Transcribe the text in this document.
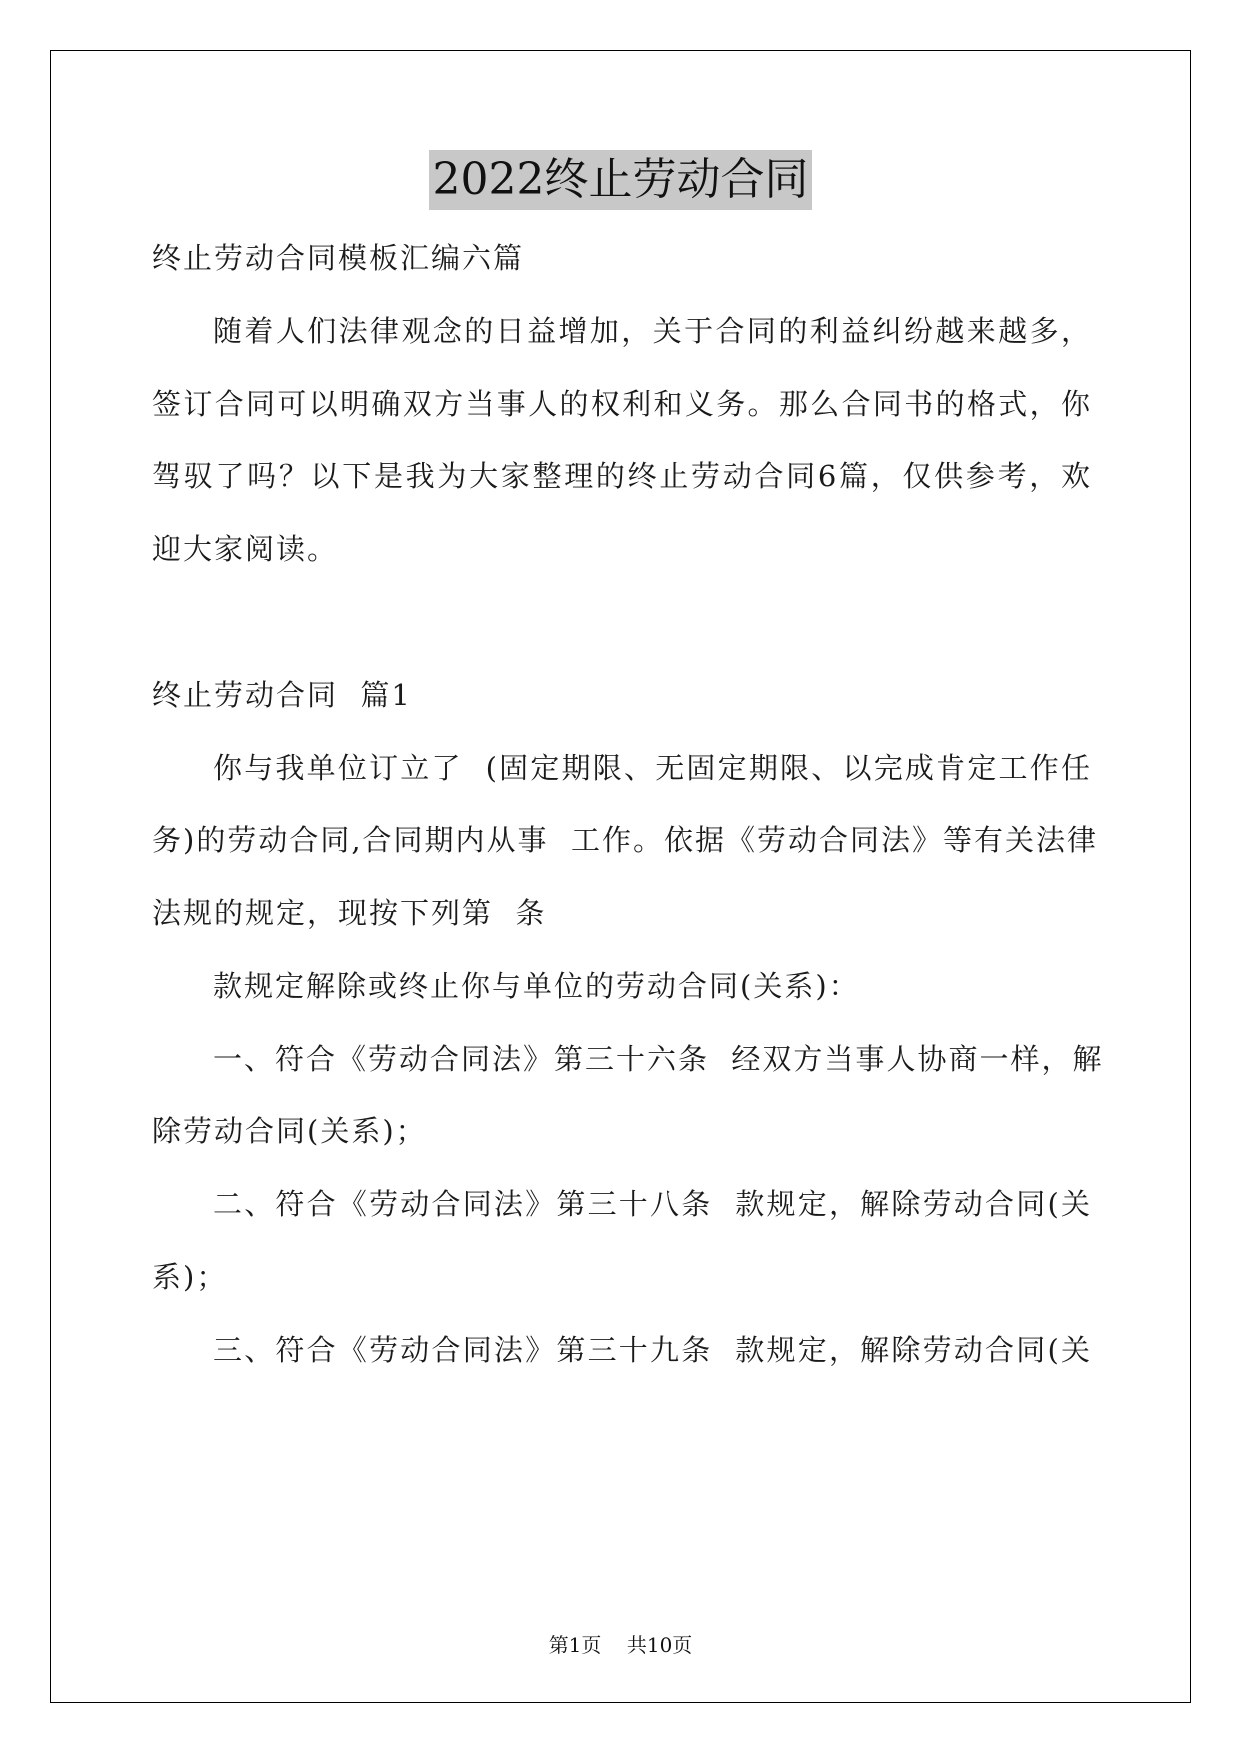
2022终止劳动合同
终止劳动合同模板汇编六篇
随着人们法律观念的日益增加，关于合同的利益纠纷越来越多，
签订合同可以明确双方当事人的权利和义务。那么合同书的格式，你
驾驭了吗？以下是我为大家整理的终止劳动合同6篇，仅供参考，欢
迎大家阅读。
终止劳动合同  篇1
你与我单位订立了  (固定期限、无固定期限、以完成肯定工作任
务)的劳动合同,合同期内从事  工作。依据《劳动合同法》等有关法律
法规的规定，现按下列第  条
款规定解除或终止你与单位的劳动合同(关系)：
一、符合《劳动合同法》第三十六条  经双方当事人协商一样，解
除劳动合同(关系)；
二、符合《劳动合同法》第三十八条  款规定，解除劳动合同(关
系)；
三、符合《劳动合同法》第三十九条  款规定，解除劳动合同(关
第1页 共10页
